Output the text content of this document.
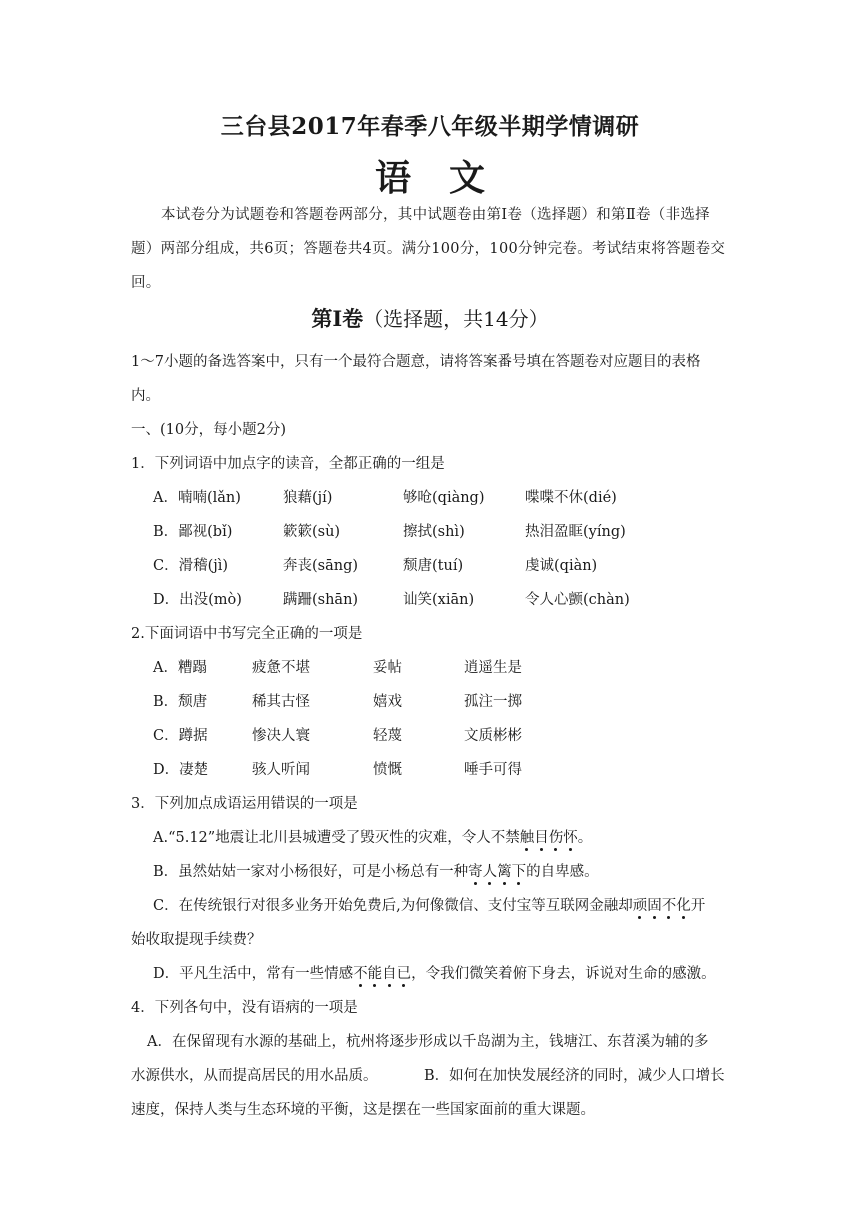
三台县2017年春季八年级半期学情调研
语文
本试卷分为试题卷和答题卷两部分，其中试题卷由第Ⅰ卷（选择题）和第Ⅱ卷（非选择题）两部分组成，共6页；答题卷共4页。满分100分，100分钟完卷。考试结束将答题卷交回。
第Ⅰ卷（选择题，共14分）
1～7小题的备选答案中，只有一个最符合题意，请将答案番号填在答题卷对应题目的表格
内。
一、(10分，每小题2分)
1．下列词语中加点字的读音，全都正确的一组是
A．喃喃(lǎn)	狼藉(jí)	够呛(qiàng)	喋喋不休(dié)
B．鄙视(bǐ)	簌簌(sù)	擦拭(shì)	热泪盈眶(yíng)
C．滑稽(jì)	奔丧(sāng)	颓唐(tuí)	虔诚(qiàn)
D．出没(mò)	蹒跚(shān)	讪笑(xiān)	令人心颤(chàn)
2.下面词语中书写完全正确的一项是
A．糟蹋	疲惫不堪	妥帖	逍遥生是
B．颓唐	稀其古怪	嬉戏	孤注一掷
C．蹲据	惨决人寰	轻蔑	文质彬彬
D．凄楚	骇人听闻	愤慨	唾手可得
3．下列加点成语运用错误的一项是
A.“5.12”地震让北川县城遭受了毁灭性的灾难，令人不禁触目伤怀。
B．虽然姑姑一家对小杨很好，可是小杨总有一种寄人篱下的自卑感。
C．在传统银行对很多业务开始免费后,为何像微信、支付宝等互联网金融却顽固不化开
始收取提现手续费？
D．平凡生活中，常有一些情感不能自已，令我们微笑着俯下身去，诉说对生命的感激。
4．下列各句中，没有语病的一项是
A．在保留现有水源的基础上，杭州将逐步形成以千岛湖为主，钱塘江、东苕溪为辅的多
水源供水，从而提高居民的用水品质。	B．如何在加快发展经济的同时，减少人口增长
速度，保持人类与生态环境的平衡，这是摆在一些国家面前的重大课题。
